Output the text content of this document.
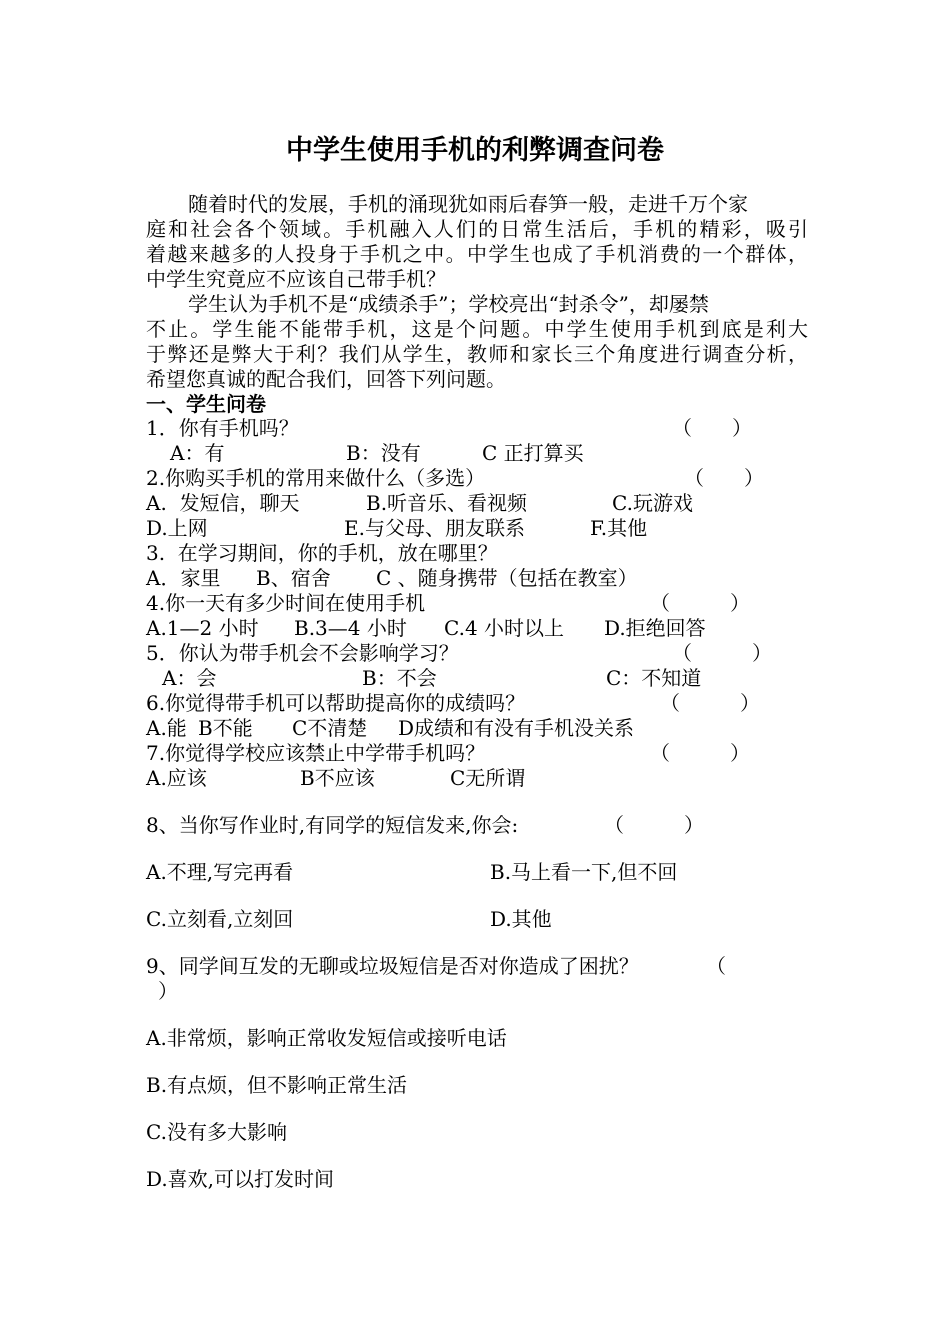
中学生使用手机的利弊调查问卷
随着时代的发展，手机的涌现犹如雨后春笋一般，走进千万个家
庭和社会各个领域。手机融入人们的日常生活后，手机的精彩，吸引
着越来越多的人投身于手机之中。中学生也成了手机消费的一个群体，
中学生究竟应不应该自己带手机？
学生认为手机不是“成绩杀手”；学校亮出“封杀令”，却屡禁
不止。学生能不能带手机，这是个问题。中学生使用手机到底是利大
于弊还是弊大于利？我们从学生，教师和家长三个角度进行调查分析，
希望您真诚的配合我们，回答下列问题。
一、学生问卷
1．你有手机吗？	（　　）
A：有	B：没有	C 正打算买
2.你购买手机的常用来做什么（多选）	（　　）
A.  发短信，聊天	B.听音乐、看视频	C.玩游戏
D.上网	E.与父母、朋友联系	F.其他
3.  在学习期间，你的手机，放在哪里？
A．家里 B、宿舍 C 、随身携带（包括在教室）
4.你一天有多少时间在使用手机	（　　　）
A.1—2 小时 B.3—4 小时 C.4 小时以上 D.拒绝回答
5．你认为带手机会不会影响学习？	（　　　）
A：会	B：不会	C：不知道
6.你觉得带手机可以帮助提高你的成绩吗？	（　　　）
A.能 B不能 C不清楚 D成绩和有没有手机没关系
7.你觉得学校应该禁止中学带手机吗？	（　　　）
A.应该	B不应该	C无所谓
8、当你写作业时,有同学的短信发来,你会:	（　　　）
A.不理,写完再看	B.马上看一下,但不回
C.立刻看,立刻回	D.其他
9、同学间互发的无聊或垃圾短信是否对你造成了困扰？	（
）
A.非常烦，影响正常收发短信或接听电话
B.有点烦，但不影响正常生活
C.没有多大影响
D.喜欢,可以打发时间
